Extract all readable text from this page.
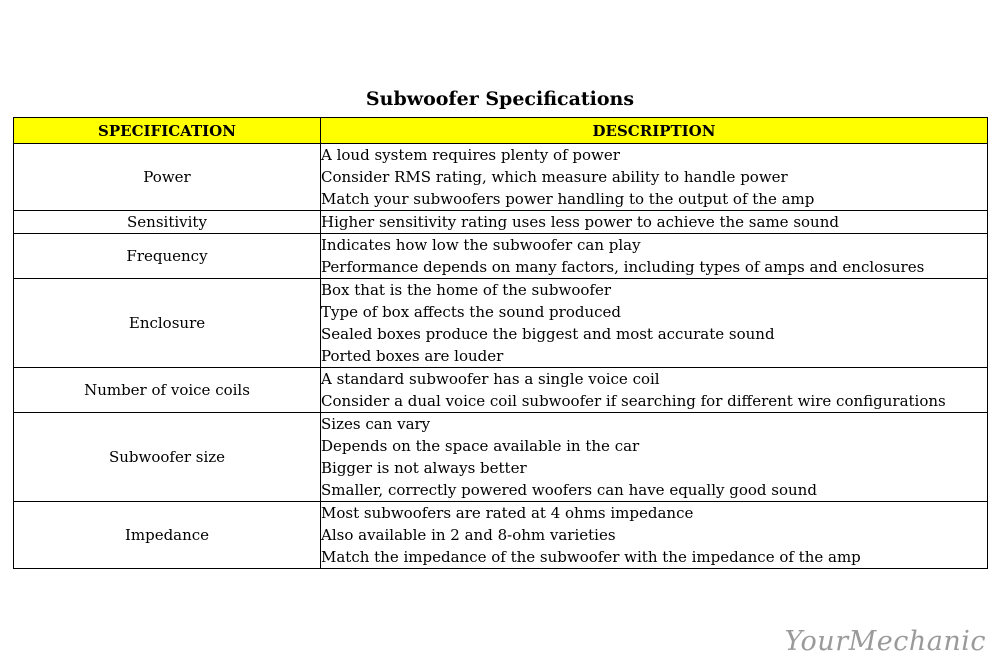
Subwoofer Specifications
SPECIFICATION	DESCRIPTION
Power	A loud system requires plenty of power
Consider RMS rating, which measure ability to handle power
Match your subwoofers power handling to the output of the amp

Sensitivity	Higher sensitivity rating uses less power to achieve the same sound

Frequency	Indicates how low the subwoofer can play
Performance depends on many factors, including types of amps and enclosures

Enclosure	Box that is the home of the subwoofer
Type of box affects the sound produced
Sealed boxes produce the biggest and most accurate sound
Ported boxes are louder

Number of voice coils	A standard subwoofer has a single voice coil
Consider a dual voice coil subwoofer if searching for different wire configurations

Subwoofer size	Sizes can vary
Depends on the space available in the car
Bigger is not always better
Smaller, correctly powered woofers can have equally good sound

Impedance	Most subwoofers are rated at 4 ohms impedance
Also available in 2 and 8-ohm varieties
Match the impedance of the subwoofer with the impedance of the amp
YourMechanic
